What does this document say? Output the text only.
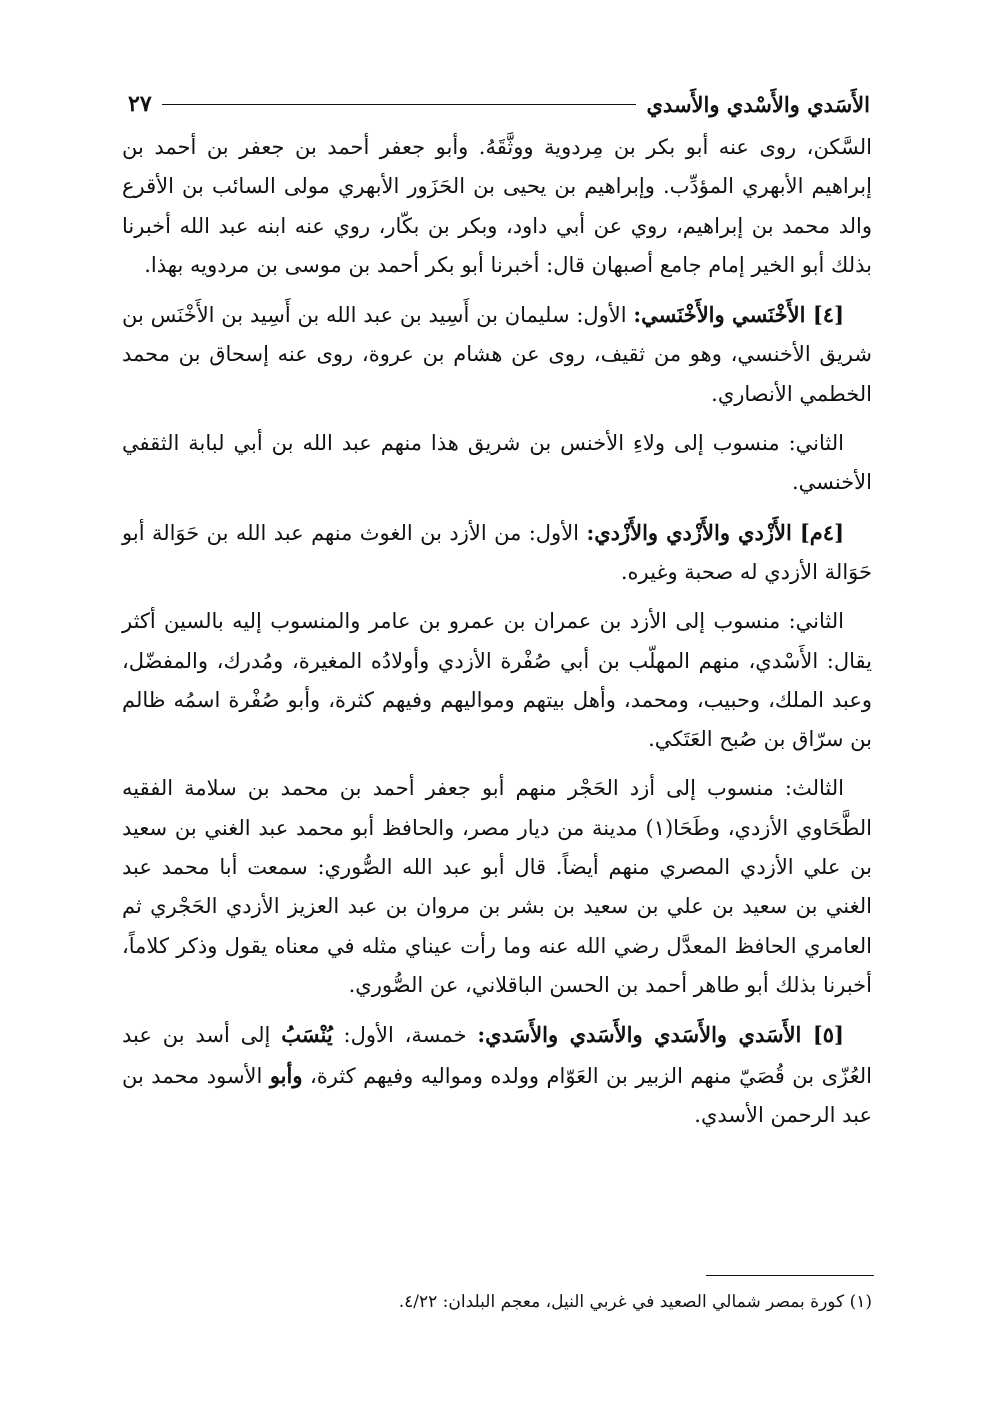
الأَسَدي والأَسْدي والأَسدي
٢٧

السَّكن، روى عنه أبو بكر بن مِردوية ووثَّقَهُ. وأبو جعفر أحمد بن جعفر بن أحمد بن إبراهيم الأبهري المؤدِّب. وإبراهيم بن يحيى بن الحَزَور الأبهري مولى السائب بن الأقرع والد محمد بن إبراهيم، روي عن أبي داود، وبكر بن بكّار، روي عنه ابنه عبد الله أخبرنا بذلك أبو الخير إمام جامع أصبهان قال: أخبرنا أبو بكر أحمد بن موسى بن مردويه بهذا.

[٤] الأَخْنَسي والأَخْنَسي: الأول: سليمان بن أَسِيد بن عبد الله بن أَسِيد بن الأَخْنَس بن شريق الأخنسي، وهو من ثقيف، روى عن هشام بن عروة، روى عنه إسحاق بن محمد الخطمي الأنصاري.

الثاني: منسوب إلى ولاءِ الأخنس بن شريق هذا منهم عبد الله بن أبي لبابة الثقفي الأخنسي.

[٤م] الأَزْدي والأَزْدي والأَزْدي: الأول: من الأزد بن الغوث منهم عبد الله بن حَوَالة أبو حَوَالة الأزدي له صحبة وغيره.

الثاني: منسوب إلى الأزد بن عمران بن عمرو بن عامر والمنسوب إليه بالسين أكثر يقال: الأَسْدي، منهم المهلّب بن أبي صُفْرة الأزدي وأولادُه المغيرة، ومُدرك، والمفضّل، وعبد الملك، وحبيب، ومحمد، وأهل بيتهم ومواليهم وفيهم كثرة، وأبو صُفْرة اسمُه ظالم بن سرّاق بن صُبح العَتَكي.

الثالث: منسوب إلى أزد الحَجْر منهم أبو جعفر أحمد بن محمد بن سلامة الفقيه الطَّحَاوي الأزدي، وطَحَا(١) مدينة من ديار مصر، والحافظ أبو محمد عبد الغني بن سعيد بن علي الأزدي المصري منهم أيضاً. قال أبو عبد الله الصُّوري: سمعت أبا محمد عبد الغني بن سعيد بن علي بن سعيد بن بشر بن مروان بن عبد العزيز الأزدي الحَجْري ثم العامري الحافظ المعدَّل رضي الله عنه وما رأت عيناي مثله في معناه يقول وذكر كلاماً، أخبرنا بذلك أبو طاهر أحمد بن الحسن الباقلاني، عن الصُّوري.

[٥] الأَسَدي والأَسَدي والأَسَدي والأَسَدي: خمسة، الأول: يُنْسَبُ إلى أسد بن عبد العُزّى بن قُصَيّ منهم الزبير بن العَوّام وولده ومواليه وفيهم كثرة، وأبو الأسود محمد بن عبد الرحمن الأسدي.

(١) كورة بمصر شمالي الصعيد في غربي النيل، معجم البلدان: ٤/٢٢.
